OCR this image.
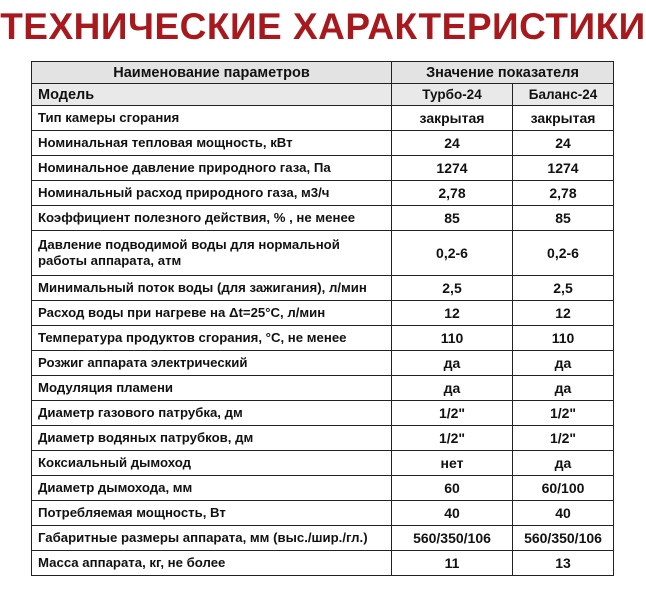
ТЕХНИЧЕСКИЕ ХАРАКТЕРИСТИКИ
Наименование параметров	Значение показателя	
Модель	Турбо-24	Баланс-24
Тип камеры сгорания	закрытая	закрытая
Номинальная тепловая мощность, кВт	24	24
Номинальное давление природного газа, Па	1274	1274
Номинальный расход природного газа, м3/ч	2,78	2,78
Коэффициент полезного действия, % , не менее	85	85
Давление подводимой воды для нормальной работы аппарата, атм	0,2-6	0,2-6
Минимальный поток воды (для зажигания), л/мин	2,5	2,5
Расход воды при нагреве на Δt=25°С, л/мин	12	12
Температура продуктов сгорания, °С, не менее	110	110
Розжиг аппарата электрический	да	да
Модуляция пламени	да	да
Диаметр газового патрубка, дм	1/2"	1/2"
Диаметр водяных патрубков, дм	1/2"	1/2"
Коксиальный дымоход	нет	да
Диаметр дымохода, мм	60	60/100
Потребляемая мощность, Вт	40	40
Габаритные размеры аппарата, мм (выс./шир./гл.)	560/350/106	560/350/106
Масса аппарата, кг, не более	11	13
